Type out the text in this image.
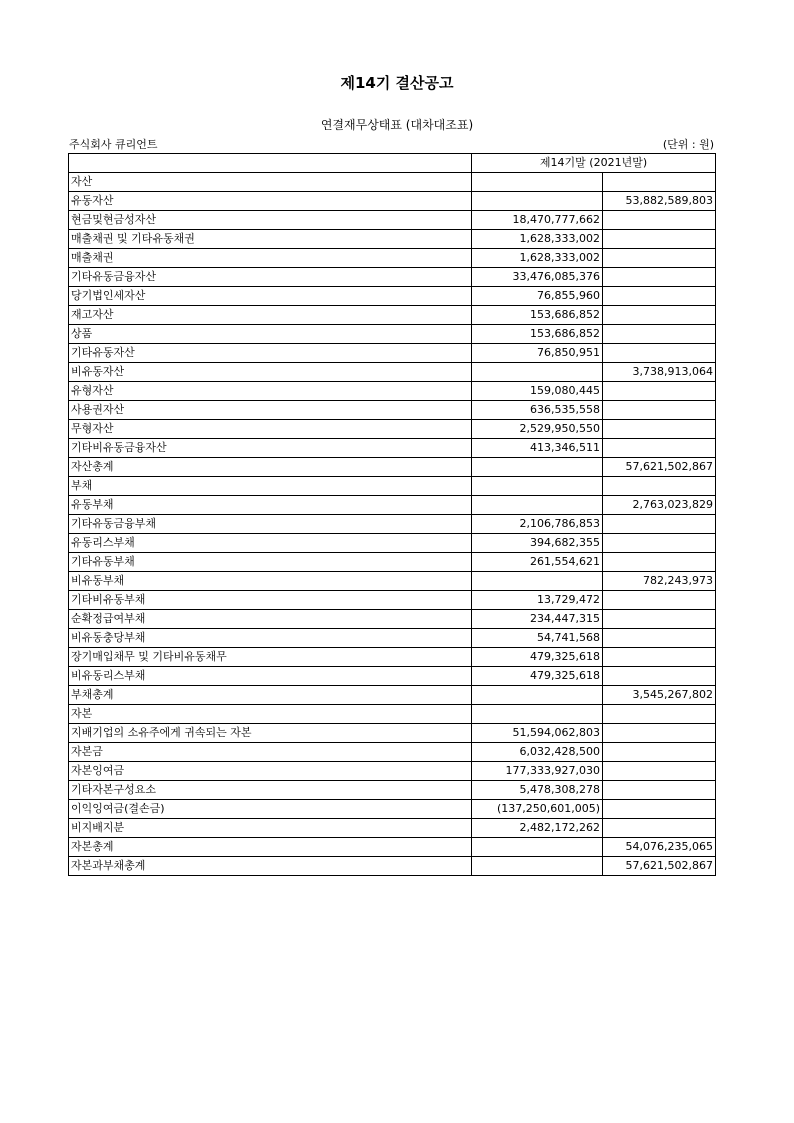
제14기 결산공고
연결재무상태표 (대차대조표)
주식회사 큐리언트	(단위 : 원)
	제14기말 (2021년말)	
자산		
유동자산		53,882,589,803
현금및현금성자산	18,470,777,662	
매출채권 및 기타유동채권	1,628,333,002	
매출채권	1,628,333,002	
기타유동금융자산	33,476,085,376	
당기법인세자산	76,855,960	
재고자산	153,686,852	
상품	153,686,852	
기타유동자산	76,850,951	
비유동자산		3,738,913,064
유형자산	159,080,445	
사용권자산	636,535,558	
무형자산	2,529,950,550	
기타비유동금융자산	413,346,511	
자산총계		57,621,502,867
부채		
유동부채		2,763,023,829
기타유동금융부채	2,106,786,853	
유동리스부채	394,682,355	
기타유동부채	261,554,621	
비유동부채		782,243,973
기타비유동부채	13,729,472	
순확정급여부채	234,447,315	
비유동충당부채	54,741,568	
장기매입채무 및 기타비유동채무	479,325,618	
비유동리스부채	479,325,618	
부채총계		3,545,267,802
자본		
지배기업의 소유주에게 귀속되는 자본	51,594,062,803	
자본금	6,032,428,500	
자본잉여금	177,333,927,030	
기타자본구성요소	5,478,308,278	
이익잉여금(결손금)	(137,250,601,005)	
비지배지분	2,482,172,262	
자본총계		54,076,235,065
자본과부채총계		57,621,502,867
